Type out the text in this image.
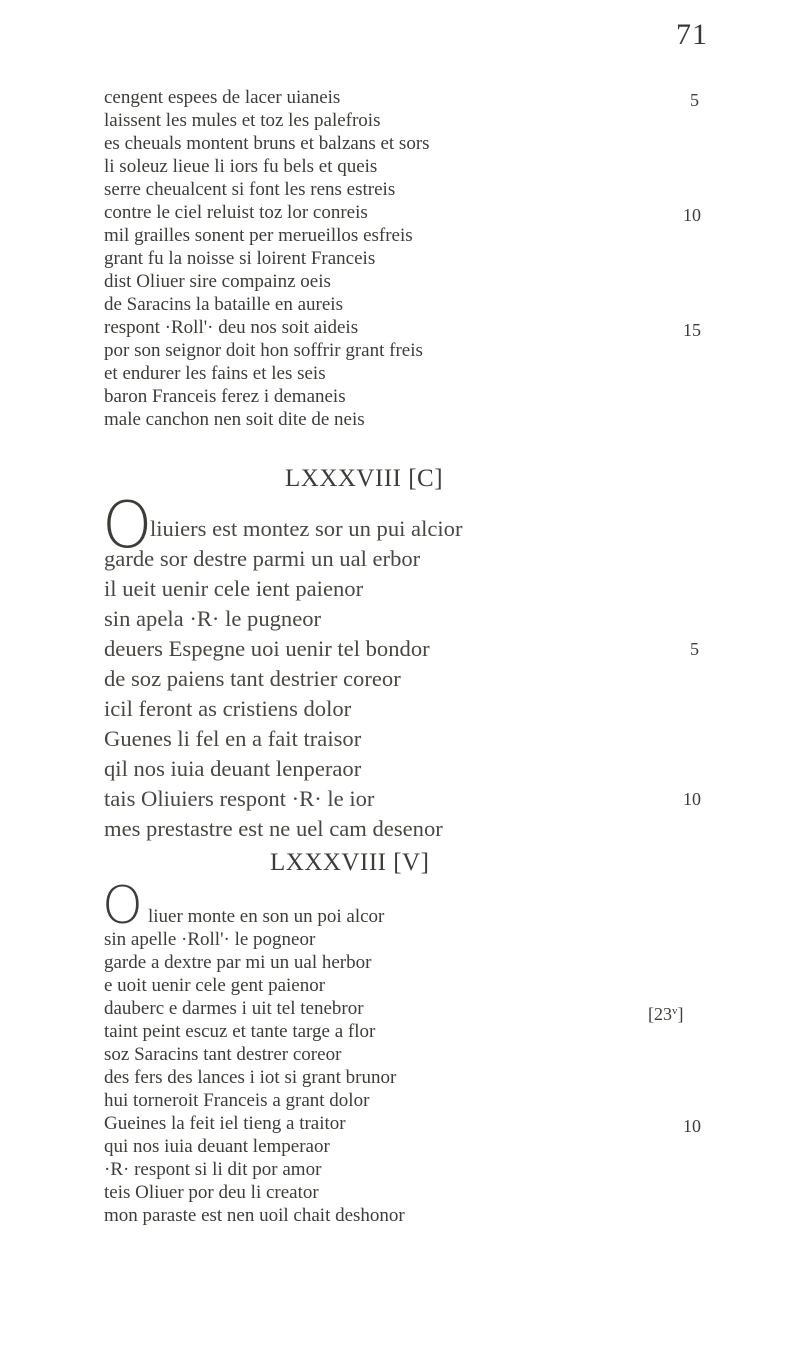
71
cengent espees de lacer uianeis
laissent les mules et toz les palefrois
es cheuals montent bruns et balzans et sors
li soleuz lieue li iors fu bels et queis
serre cheualcent si font les rens estreis
contre le ciel reluist toz lor conreis
mil grailles sonent per merueillos esfreis
grant fu la noisse si loirent Franceis
dist Oliuer sire compainz oeis
de Saracins la bataille en aureis
respont ·Roll'· deu nos soit aideis
por son seignor doit hon soffrir grant freis
et endurer les fains et les seis
baron Franceis ferez i demaneis
male canchon nen soit dite de neis
5
10
15
LXXXVIII [C]
O
liuiers est montez sor un pui alcior
garde sor destre parmi un ual erbor
il ueit uenir cele ient paienor
sin apela ·R· le pugneor
deuers Espegne uoi uenir tel bondor
de soz paiens tant destrier coreor
icil feront as cristiens dolor
Guenes li fel en a fait traisor
qil nos iuia deuant lenperaor
tais Oliuiers respont ·R· le ior
mes prestastre est ne uel cam desenor
5
10
LXXXVIII [V]
O liuer monte en son un poi alcor
sin apelle ·Roll'· le pogneor
garde a dextre par mi un ual herbor
e uoit uenir cele gent paienor
dauberc e darmes i uit tel tenebror
taint peint escuz et tante targe a flor
soz Saracins tant destrer coreor
des fers des lances i iot si grant brunor
hui torneroit Franceis a grant dolor
Gueines la feit iel tieng a traitor
qui nos iuia deuant lemperaor
·R· respont si li dit por amor
teis Oliuer por deu li creator
mon paraste est nen uoil chait deshonor
[23$^v$]
10
